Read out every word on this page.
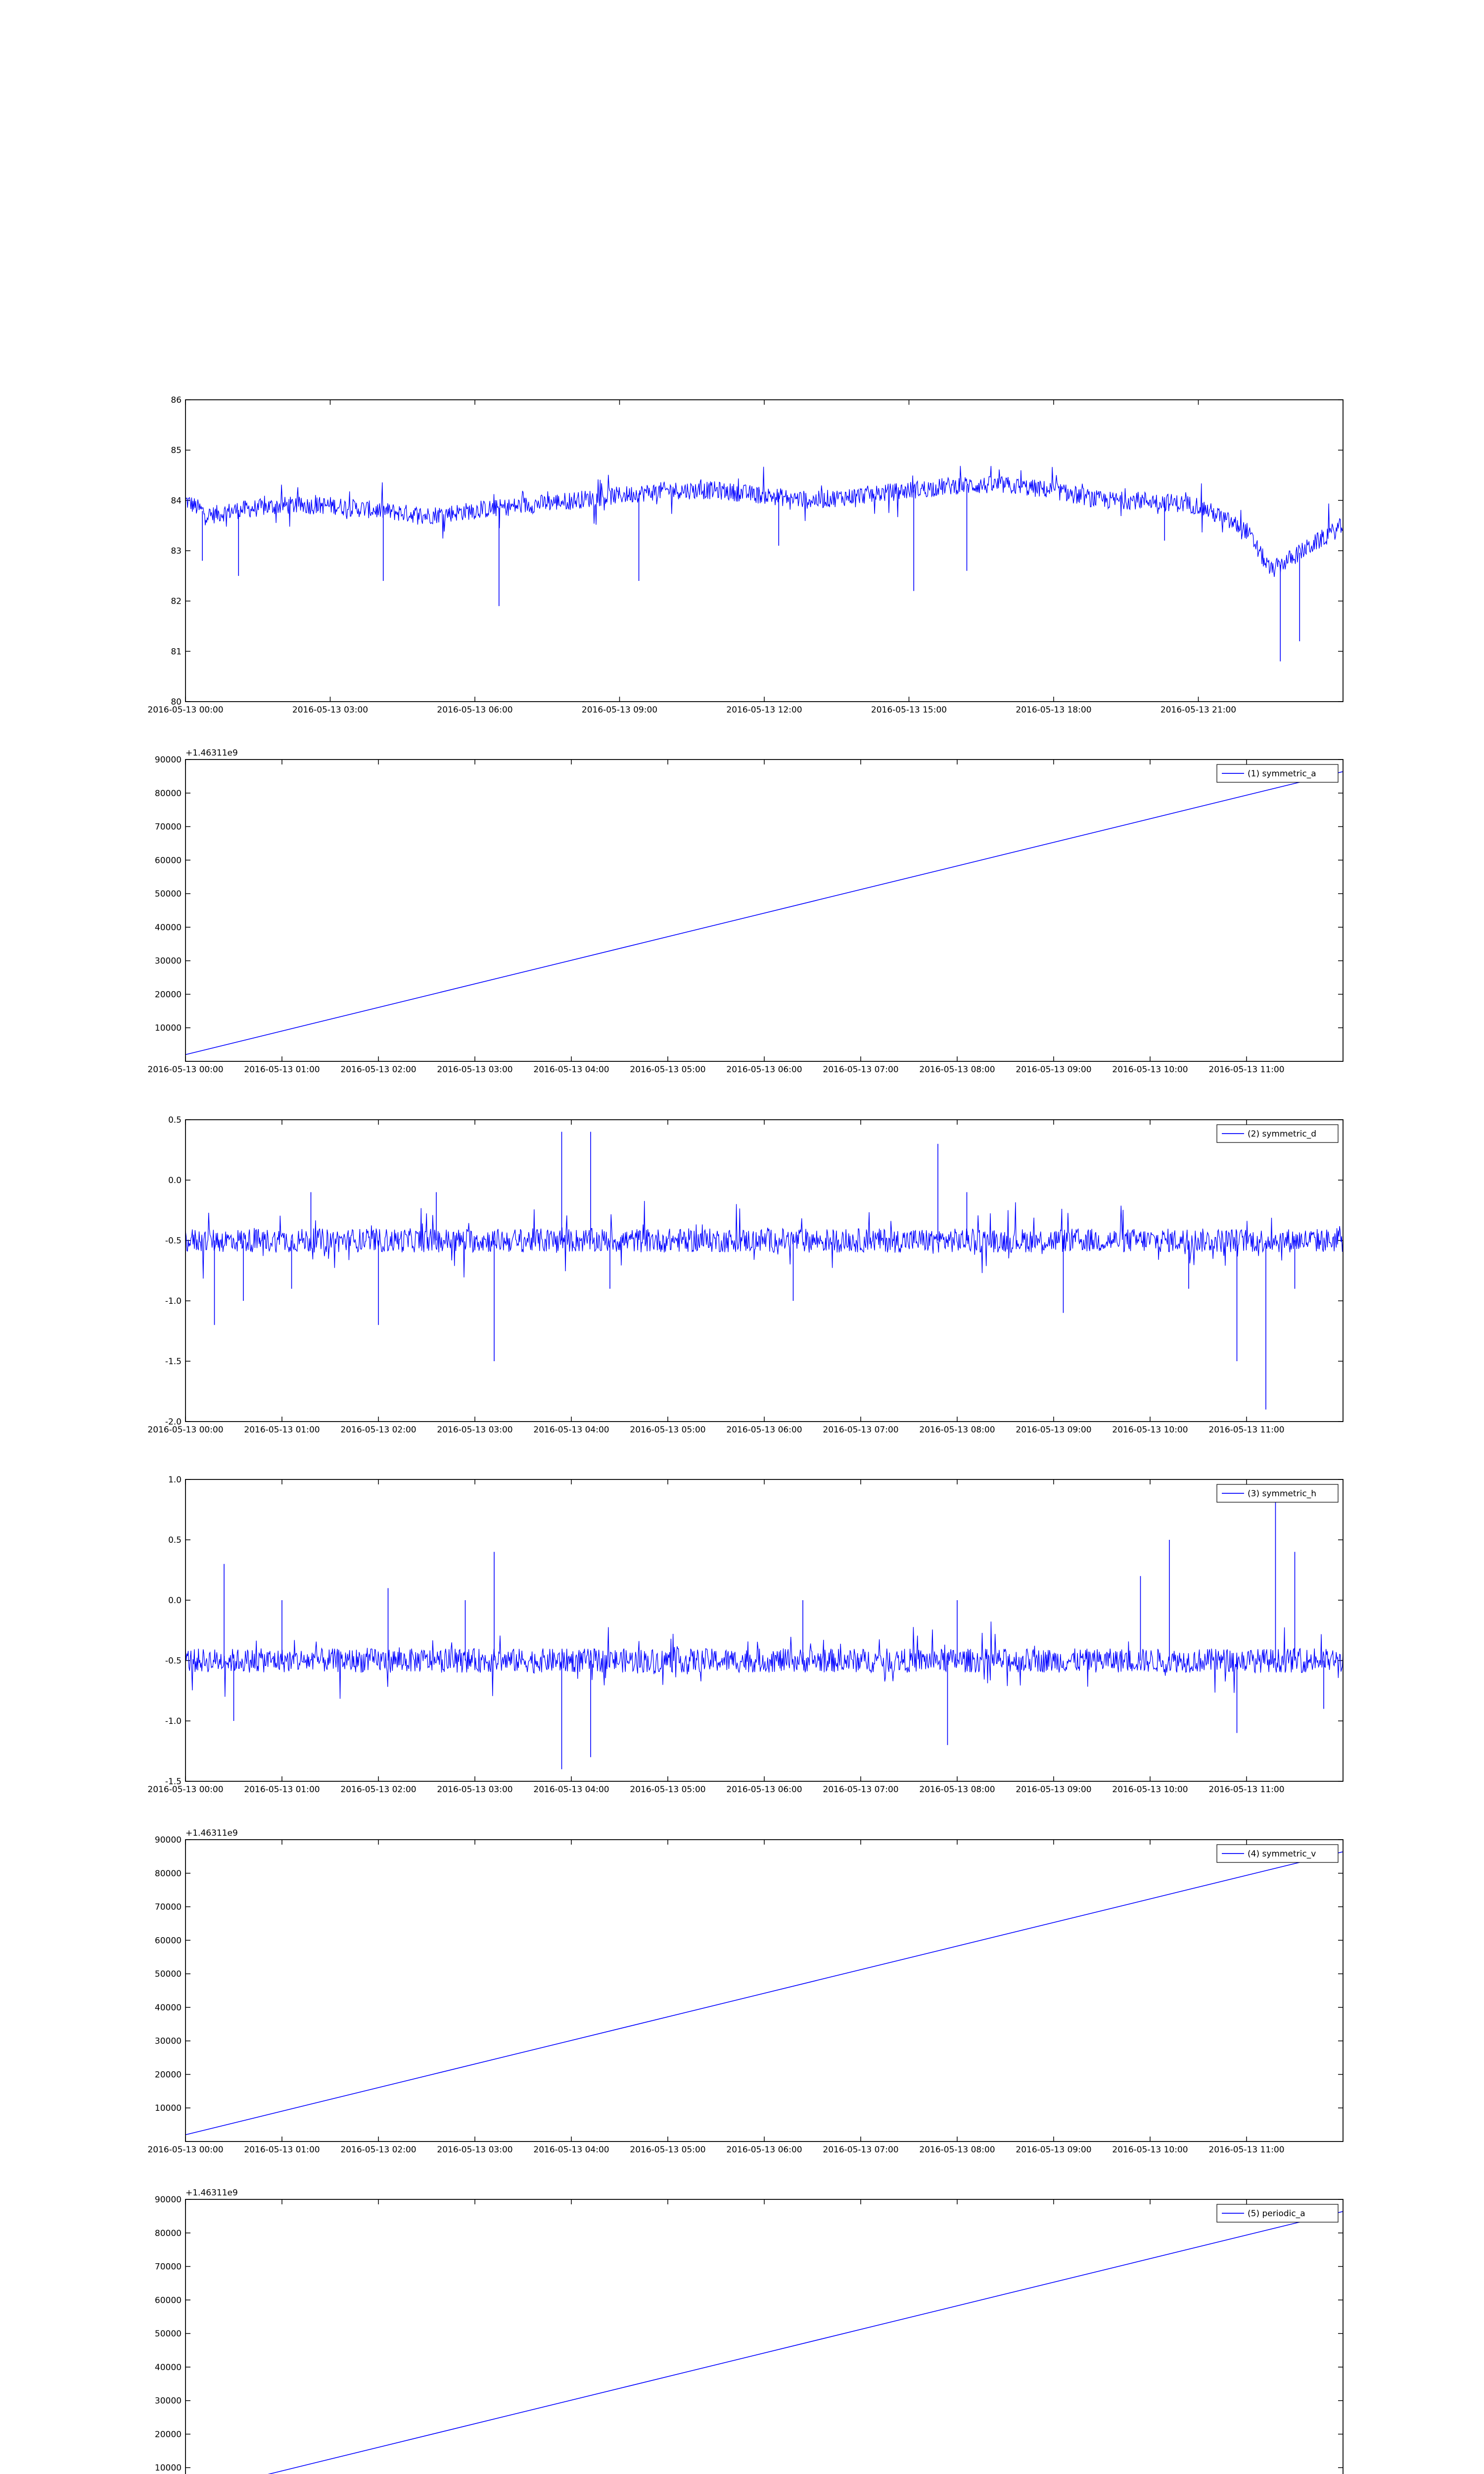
80
81
82
83
84
85
86
2016-05-13 00:00	2016-05-13 03:00	2016-05-13 06:00	2016-05-13 09:00	2016-05-13 12:00	2016-05-13 15:00	2016-05-13 18:00	2016-05-13 21:00
10000
20000
30000
40000
50000
60000
70000
80000
90000
2016-05-13 00:00 2016-05-13 01:00 2016-05-13 02:00 2016-05-13 03:00 2016-05-13 04:00 2016-05-13 05:00 2016-05-13 06:00 2016-05-13 07:00 2016-05-13 08:00 2016-05-13 09:00 2016-05-13 10:00 2016-05-13 11:00
+1.46311e9
(1) symmetric_a
-2.0
-1.5
-1.0
-0.5
0.0
0.5
2016-05-13 00:00 2016-05-13 01:00 2016-05-13 02:00 2016-05-13 03:00 2016-05-13 04:00 2016-05-13 05:00 2016-05-13 06:00 2016-05-13 07:00 2016-05-13 08:00 2016-05-13 09:00 2016-05-13 10:00 2016-05-13 11:00
(2) symmetric_d
-1.5
-1.0
-0.5
0.0
0.5
1.0
2016-05-13 00:00 2016-05-13 01:00 2016-05-13 02:00 2016-05-13 03:00 2016-05-13 04:00 2016-05-13 05:00 2016-05-13 06:00 2016-05-13 07:00 2016-05-13 08:00 2016-05-13 09:00 2016-05-13 10:00 2016-05-13 11:00
(3) symmetric_h
10000
20000
30000
40000
50000
60000
70000
80000
90000
2016-05-13 00:00 2016-05-13 01:00 2016-05-13 02:00 2016-05-13 03:00 2016-05-13 04:00 2016-05-13 05:00 2016-05-13 06:00 2016-05-13 07:00 2016-05-13 08:00 2016-05-13 09:00 2016-05-13 10:00 2016-05-13 11:00
+1.46311e9
(4) symmetric_v
10000
20000
30000
40000
50000
60000
70000
80000
90000
+1.46311e9
(5) periodic_a
